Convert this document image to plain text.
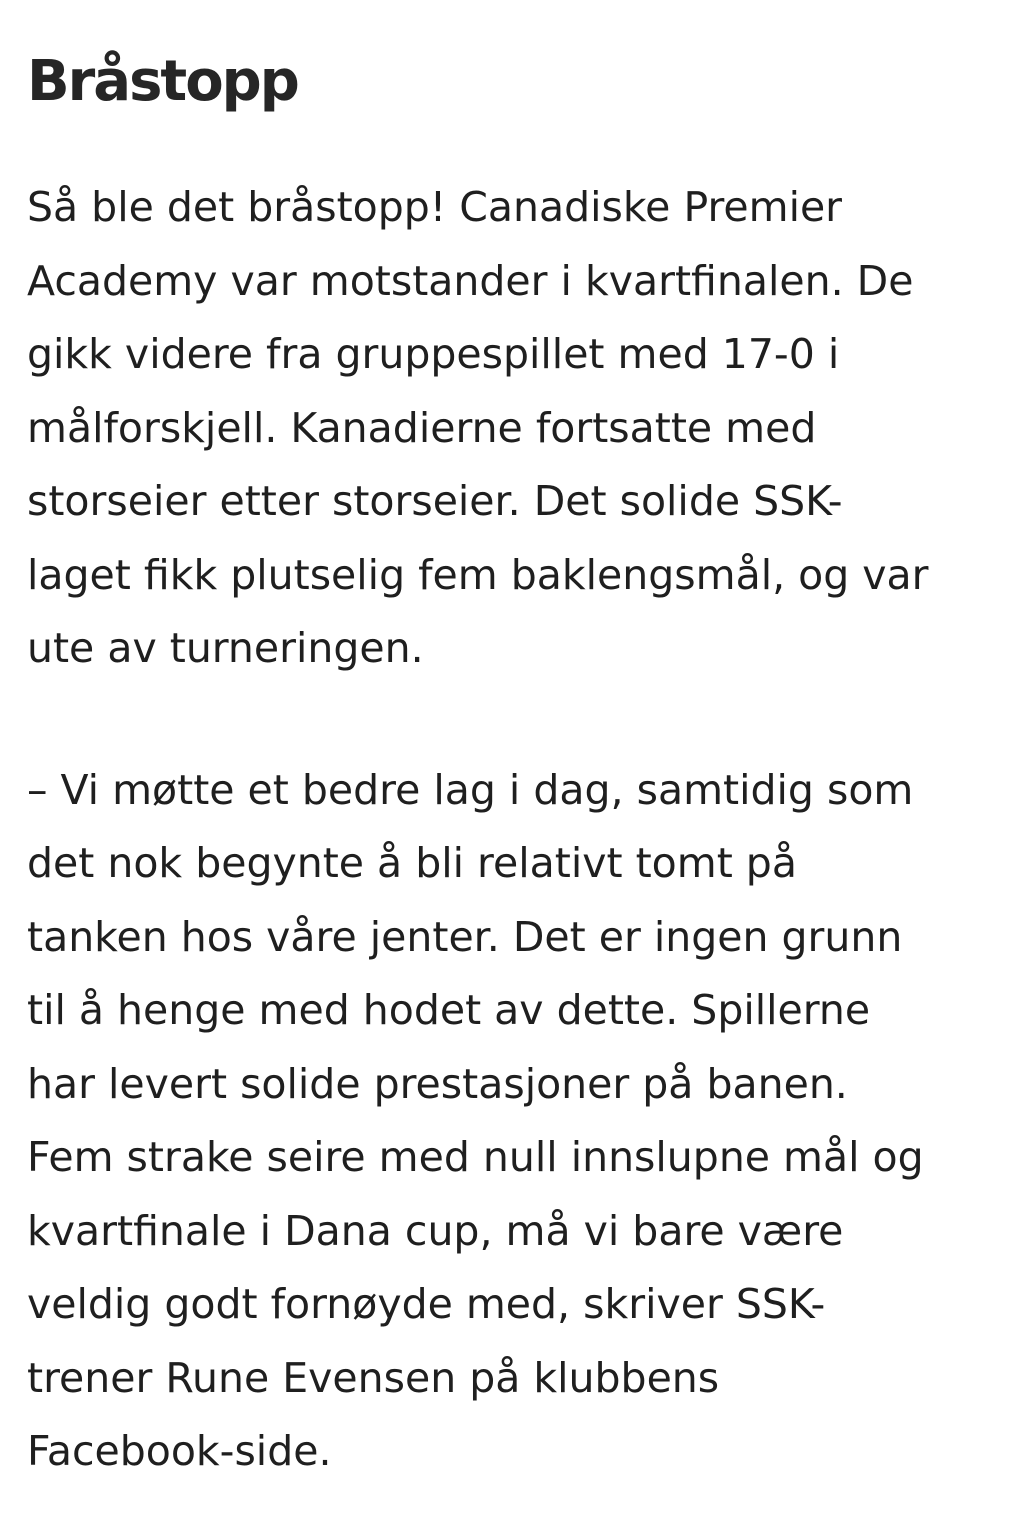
Bråstopp

Så ble det bråstopp! Canadiske Premier
Academy var motstander i kvartfinalen. De
gikk videre fra gruppespillet med 17-0 i
målforskjell. Kanadierne fortsatte med
storseier etter storseier. Det solide SSK-
laget fikk plutselig fem baklengsmål, og var
ute av turneringen.

– Vi møtte et bedre lag i dag, samtidig som
det nok begynte å bli relativt tomt på
tanken hos våre jenter. Det er ingen grunn
til å henge med hodet av dette. Spillerne
har levert solide prestasjoner på banen.
Fem strake seire med null innslupne mål og
kvartfinale i Dana cup, må vi bare være
veldig godt fornøyde med, skriver SSK-
trener Rune Evensen på klubbens
Facebook-side.
